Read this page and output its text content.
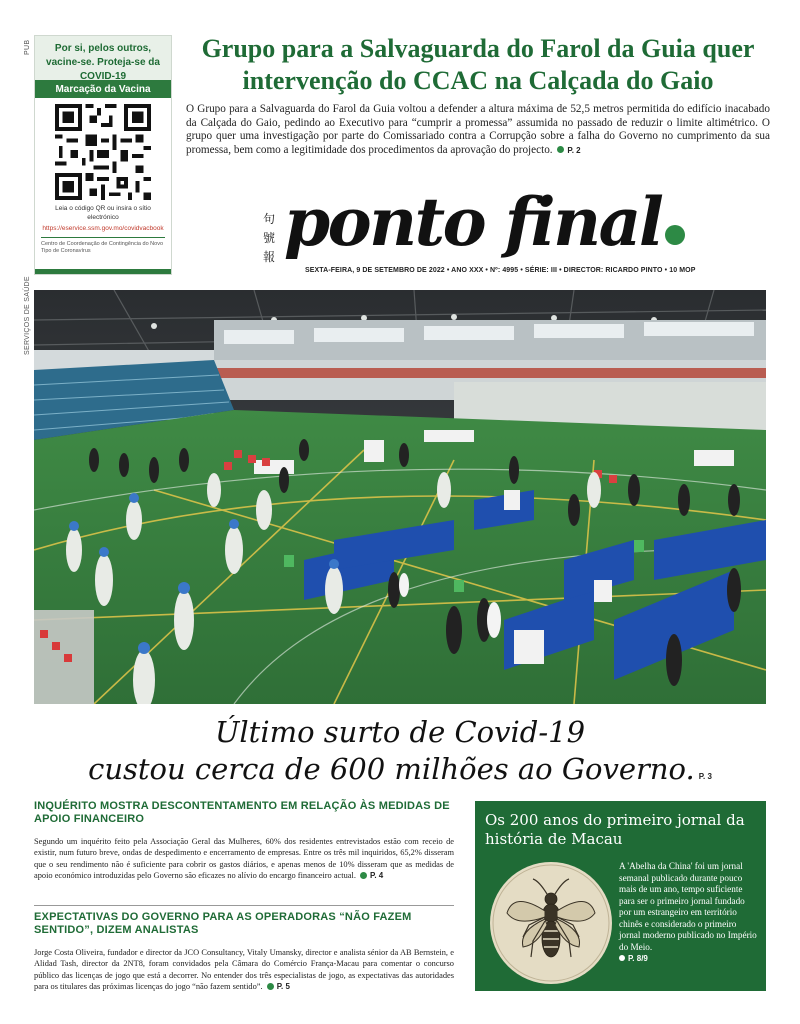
PUB
SERVIÇOS DE SAÚDE
Por si, pelos outros, vacine-se. Proteja-se da COVID-19
Marcação da Vacina
Leia o código QR ou insira o sítio electrónico
https://eservice.ssm.gov.mo/covidvacbook
Centro de Coordenação de Contingência do Novo Tipo de Coronavírus
Grupo para a Salvaguarda do Farol da Guia quer intervenção do CCAC na Calçada do Gaio
O Grupo para a Salvaguarda do Farol da Guia voltou a defender a altura máxima de 52,5 metros permitida do edifício inacabado da Calçada do Gaio, pedindo ao Executivo para “cumprir a promessa” assumida no passado de reduzir o limite altimétrico. O grupo quer uma investigação por parte do Comissariado contra a Corrupção sobre a falha do Governo no cumprimento da sua promessa, bem como a legitimidade dos procedimentos da aprovação do projecto. P. 2
句號報 ponto final
SEXTA-FEIRA, 9 DE SETEMBRO DE 2022 • ANO XXX • Nº: 4995 • SÉRIE: III • DIRECTOR: RICARDO PINTO • 10 MOP
Último surto de Covid-19
custou cerca de 600 milhões ao Governo. P. 3
INQUÉRITO MOSTRA DESCONTENTAMENTO EM RELAÇÃO ÀS MEDIDAS DE APOIO FINANCEIRO
Segundo um inquérito feito pela Associação Geral das Mulheres, 60% dos residentes entrevistados estão com receio de existir, num futuro breve, ondas de despedimento e encerramento de empresas. Entre os três mil inquiridos, 65,2% disseram que o seu rendimento não é suficiente para cobrir os gastos diários, e apenas menos de 10% disseram que as medidas de apoio económico introduzidas pelo Governo são eficazes no alívio do encargo financeiro actual. P. 4
EXPECTATIVAS DO GOVERNO PARA AS OPERADORAS “NÃO FAZEM SENTIDO”, DIZEM ANALISTAS
Jorge Costa Oliveira, fundador e director da JCO Consultancy, Vitaly Umansky, director e analista sénior da AB Bernstein, e Alidad Tash, director da 2NT8, foram convidados pela Câmara do Comércio França-Macau para comentar o concurso público das licenças de jogo que está a decorrer. No entender dos três especialistas de jogo, as expectativas das autoridades para os titulares das próximas licenças do jogo “não fazem sentido”. P. 5
Os 200 anos do primeiro jornal da história de Macau
A 'Abelha da China' foi um jornal semanal publicado durante pouco mais de um ano, tempo suficiente para ser o primeiro jornal fundado por um estrangeiro em território chinês e considerado o primeiro jornal moderno publicado no Império do Meio.
P. 8/9
